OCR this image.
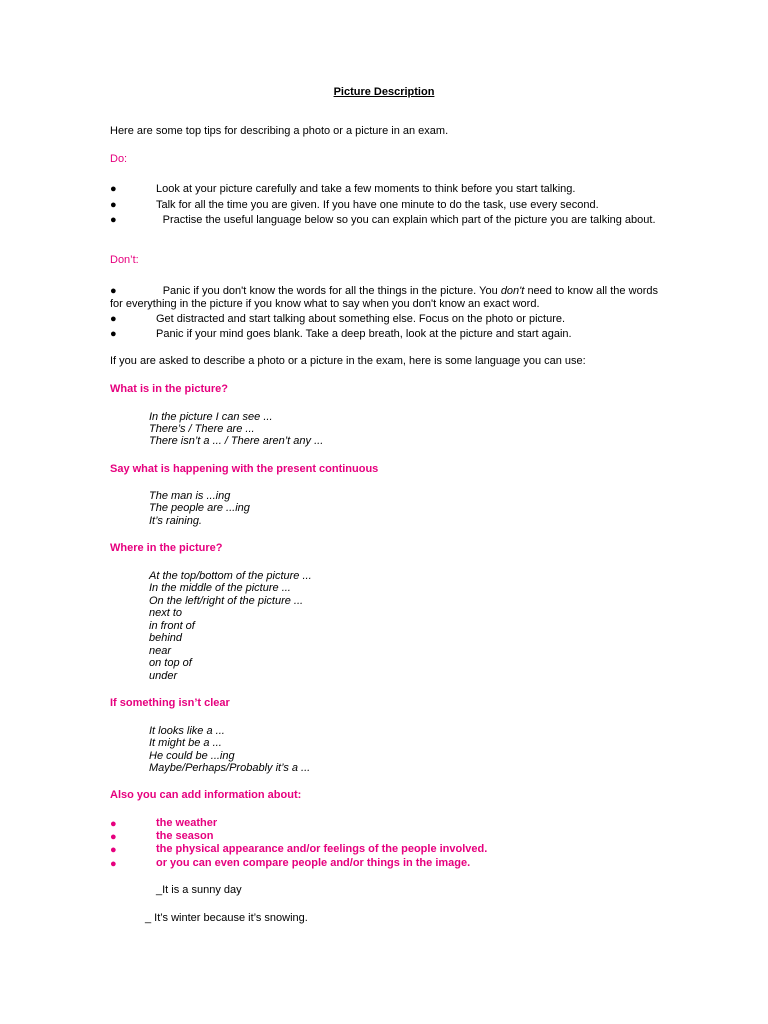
Picture Description
Here are some top tips for describing a photo or a picture in an exam.
Do:
●	Look at your picture carefully and take a few moments to think before you start talking.
●	Talk for all the time you are given. If you have one minute to do the task, use every second.
●	Practise the useful language below so you can explain which part of the picture you are talking about.
Don’t:
●	Panic if you don't know the words for all the things in the picture. You don't need to know all the words for everything in the picture if you know what to say when you don't know an exact word.
●	Get distracted and start talking about something else. Focus on the photo or picture.
●	Panic if your mind goes blank. Take a deep breath, look at the picture and start again.
If you are asked to describe a photo or a picture in the exam, here is some language you can use:
What is in the picture?
In the picture I can see ...
There’s / There are ...
There isn’t a ... / There aren’t any ...
Say what is happening with the present continuous
The man is ...ing
The people are ...ing
It’s raining.
Where in the picture?
At the top/bottom of the picture ...
In the middle of the picture ...
On the left/right of the picture ...
next to
in front of
behind
near
on top of
under
If something isn’t clear
It looks like a ...
It might be a ...
He could be ...ing
Maybe/Perhaps/Probably it’s a ...
Also you can add information about:
●	the weather
●	the season
●	the physical appearance and/or feelings of the people involved.
●	or you can even compare people and/or things in the image.
_It is a sunny day
_ It’s winter because it’s snowing.
